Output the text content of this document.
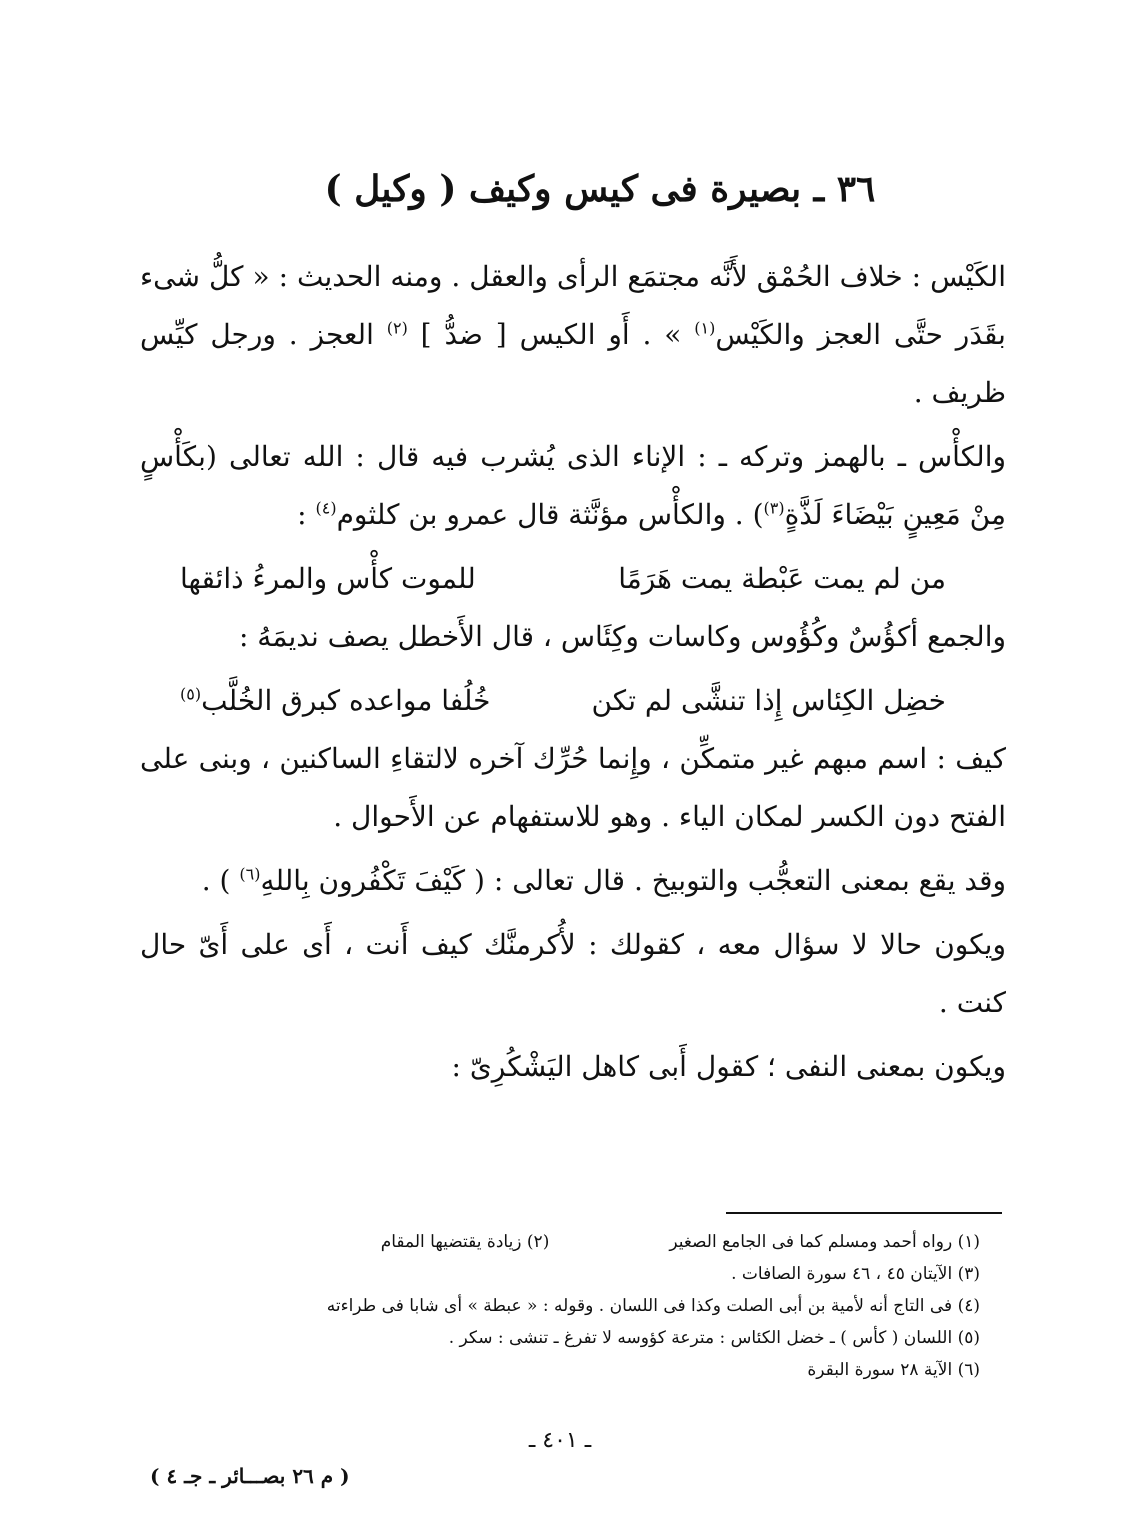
٣٦ ـ بصيرة فى كيس وكيف ( وكيل )

الكَيْس : خلاف الحُمْق لأَنَّه مجتمَع الرأى والعقل . ومنه الحديث : « كلُّ شىء بقَدَر حتَّى العجز والكَيْس$^{(١)}$ » . أَو الكيس [ ضدُّ ] $^{(٢)}$ العجز . ورجل كيِّس ظريف .

والكأْس ـ بالهمز وتركه ـ : الإناء الذى يُشرب فيه قال : الله تعالى (بكَأْسٍ مِنْ مَعِينٍ بَيْضَاءَ لَذَّةٍ$^{(٣)}$) . والكأْس مؤنَّثة قال عمرو بن كلثوم$^{(٤)}$ :

من لم يمت عَبْطة يمت هَرَمًا
للموت كأْس والمرءُ ذائقها

والجمع أكؤُسٌ وكُؤُوس وكاسات وكِئَاس ، قال الأَخطل يصف نديمَهُ :

خضِل الكِئاس إِذا تنشَّى لم تكن
خُلُفا مواعده كبرق الخُلَّب$^{(٥)}$

كيف : اسم مبهم غير متمكِّن ، وإِنما حُرِّك آخره لالتقاءِ الساكنين ، وبنى على الفتح دون الكسر لمكان الياء . وهو للاستفهام عن الأَحوال .

وقد يقع بمعنى التعجُّب والتوبيخ . قال تعالى : ( كَيْفَ تَكْفُرون بِاللهِ$^{(٦)}$ ) .

ويكون حالا لا سؤال معه ، كقولك : لأُكرمنَّك كيف أَنت ، أَى على أَىّ حال كنت .

ويكون بمعنى النفى ؛ كقول أَبى كاهل اليَشْكُرِىّ :

(١) رواه أحمد ومسلم كما فى الجامع الصغير
(٢) زيادة يقتضيها المقام
(٣) الآيتان ٤٥ ، ٤٦ سورة الصافات .
(٤) فى التاج أنه لأمية بن أبى الصلت وكذا فى اللسان . وقوله : « عبطة » أى شابا فى طراءته
(٥) اللسان ( كأس ) ـ خضل الكئاس : مترعة كؤوسه لا تفرغ ـ تنشى : سكر .
(٦) الآية ٢٨ سورة البقرة
ـ ٤٠١ ـ
( م ٢٦ بصـــائر ـ جـ ٤ )
